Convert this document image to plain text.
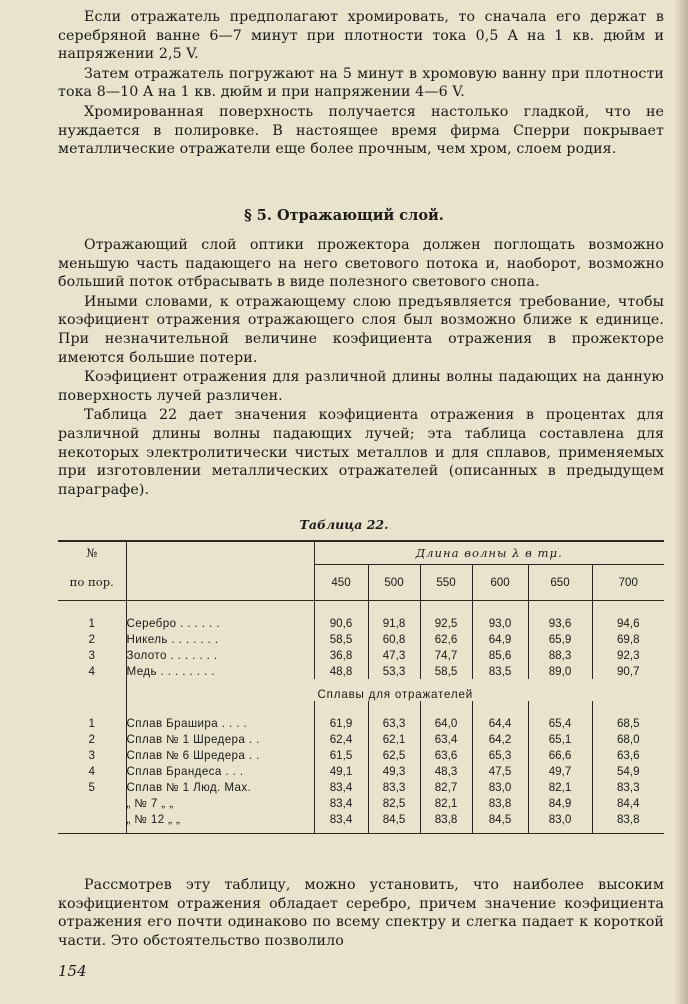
Если отражатель предполагают хромировать, то сначала его держат в серебряной ванне 6—7 минут при плотности тока 0,5 A на 1 кв. дюйм и напряжении 2,5 V.

Затем отражатель погружают на 5 минут в хромовую ванну при плотности тока 8—10 A на 1 кв. дюйм и при напряжении 4—6 V.

Хромированная поверхность получается настолько гладкой, что не нуждается в полировке. В настоящее время фирма Сперри покрывает металлические отражатели еще более прочным, чем хром, слоем родия.

§ 5. Отражающий слой.

Отражающий слой оптики прожектора должен поглощать возможно меньшую часть падающего на него светового потока и, наоборот, возможно больший поток отбрасывать в виде полезного светового снопа.

Иными словами, к отражающему слою предъявляется требование, чтобы коэфициент отражения отражающего слоя был возможно ближе к единице. При незначительной величине коэфициента отражения в прожекторе имеются большие потери.

Коэфициент отражения для различной длины волны падающих на данную поверхность лучей различен.

Таблица 22 дает значения коэфициента отражения в процентах для различной длины волны падающих лучей; эта таблица составлена для некоторых электролитически чистых металлов и для сплавов, применяемых при изготовлении металлических отражателей (описанных в предыдущем параграфе).

Таблица 22.
№		Длина волны λ в mμ.					
по пор.		450	500	550	600	650	700

1	Серебро . . . . . .	90,6	91,8	92,5	93,0	93,6	94,6
2	Никель . . . . . . .	58,5	60,8	62,6	64,9	65,9	69,8
3	Золото . . . . . . .	36,8	47,3	74,7	85,6	88,3	92,3
4	Медь . . . . . . . .	48,8	53,3	58,5	83,5	89,0	90,7
	Сплавы для отражателей						

1	Сплав Брашира . . . .	61,9	63,3	64,0	64,4	65,4	68,5
2	Сплав № 1 Шредера . .	62,4	62,1	63,4	64,2	65,1	68,0
3	Сплав № 6 Шредера . .	61,5	62,5	63,6	65,3	66,6	63,6
4	Сплав Брандеса . . .	49,1	49,3	48,3	47,5	49,7	54,9
5	Сплав № 1 Люд. Мах.	83,4	83,3	82,7	83,0	82,1	83,3
	„ № 7 „ „	83,4	82,5	82,1	83,8	84,9	84,4
	„ № 12 „ „	83,4	84,5	83,8	84,5	83,0	83,8

Рассмотрев эту таблицу, можно установить, что наиболее высоким коэфициентом отражения обладает серебро, причем значение коэфициента отражения его почти одинаково по всему спектру и слегка падает к короткой части. Это обстоятельство позволило

154
